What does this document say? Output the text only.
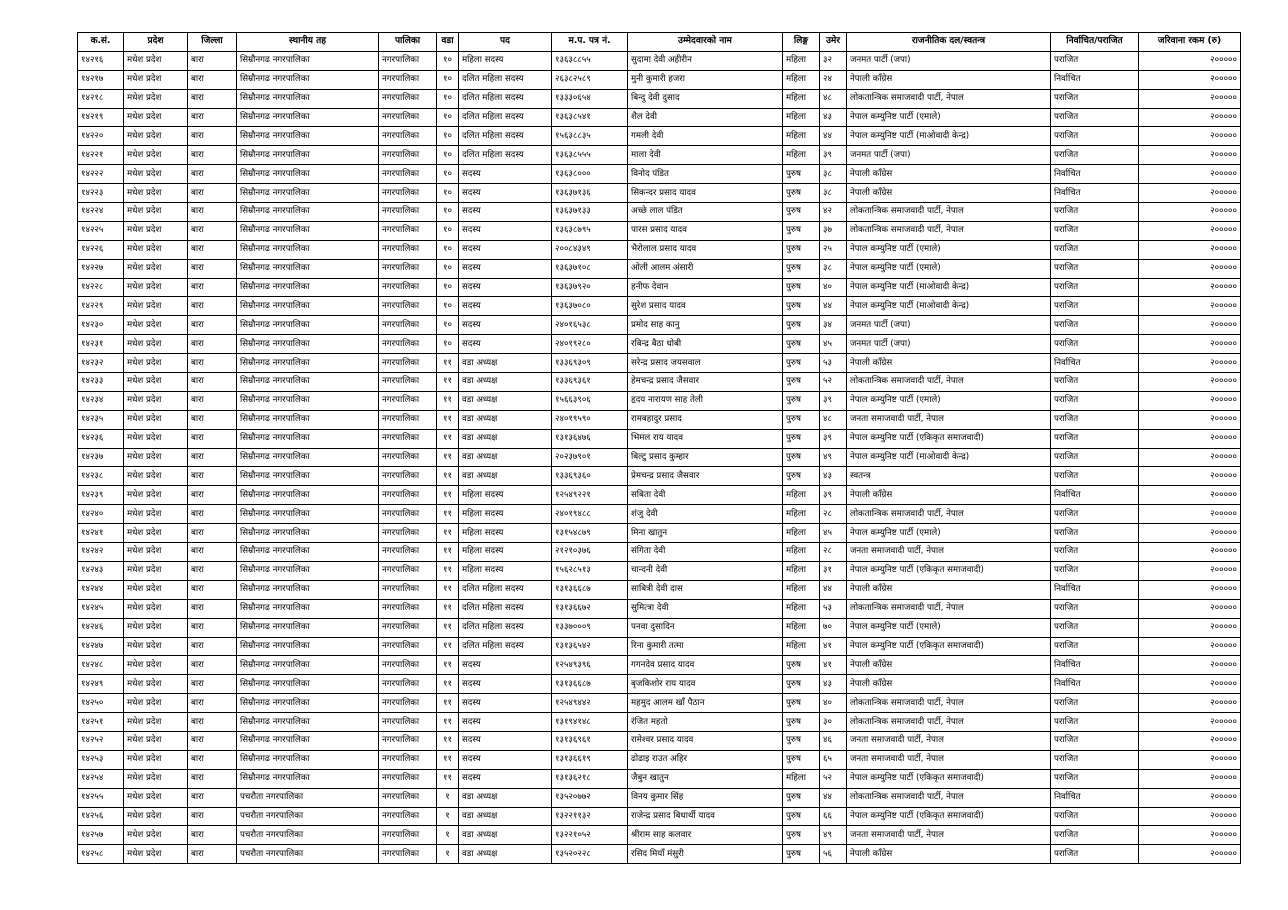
क.सं.	प्रदेश	जिल्ला	स्थानीय तह	पालिका	वडा	पद	म.प. पत्र नं.	उम्मेदवारको नाम	लिङ्ग	उमेर	राजनीतिक दल/स्वतन्त्र	निर्वाचित/पराजित	जरिवाना रकम (रु)
१४२१६	मधेश प्रदेश	बारा	सिम्रौनगढ नगरपालिका	नगरपालिका	१०	महिला सदस्य	१३६३८८५५	सुदामा देवी अहीरीन	महिला	३२	जनमत पार्टी (जपा)	पराजित	२०००००
१४२१७	मधेश प्रदेश	बारा	सिम्रौनगढ नगरपालिका	नगरपालिका	१०	दलित महिला सदस्य	२६३८२५८९	मुनी कुमारी हजरा	महिला	२४	नेपाली काँग्रेस	निर्वाचित	२०००००
१४२१८	मधेश प्रदेश	बारा	सिम्रौनगढ नगरपालिका	नगरपालिका	१०	दलित महिला सदस्य	१३३३०६५४	बिन्दु देवी दुसाद	महिला	४८	लोकतान्त्रिक समाजवादी पार्टी, नेपाल	पराजित	२०००००
१४२१९	मधेश प्रदेश	बारा	सिम्रौनगढ नगरपालिका	नगरपालिका	१०	दलित महिला सदस्य	१३६३८५४१	शैल देवी	महिला	४३	नेपाल कम्युनिष्ट पार्टी (एमाले)	पराजित	२०००००
१४२२०	मधेश प्रदेश	बारा	सिम्रौनगढ नगरपालिका	नगरपालिका	१०	दलित महिला सदस्य	१५६३८८३५	गमली देवी	महिला	४४	नेपाल कम्युनिष्ट पार्टी (माओवादी केन्द्र)	पराजित	२०००००
१४२२१	मधेश प्रदेश	बारा	सिम्रौनगढ नगरपालिका	नगरपालिका	१०	दलित महिला सदस्य	१३६३८५५५	माला देवी	महिला	३९	जनमत पार्टी (जपा)	पराजित	२०००००
१४२२२	मधेश प्रदेश	बारा	सिम्रौनगढ नगरपालिका	नगरपालिका	१०	सदस्य	१३६३८०००	विनोद पंडित	पुरुष	३८	नेपाली काँग्रेस	निर्वाचित	२०००००
१४२२३	मधेश प्रदेश	बारा	सिम्रौनगढ नगरपालिका	नगरपालिका	१०	सदस्य	१३६३७१३६	सिकन्दर प्रसाद यादव	पुरुष	३८	नेपाली काँग्रेस	निर्वाचित	२०००००
१४२२४	मधेश प्रदेश	बारा	सिम्रौनगढ नगरपालिका	नगरपालिका	१०	सदस्य	१३६३७१३३	अच्छे लाल पंडित	पुरुष	४२	लोकतान्त्रिक समाजवादी पार्टी, नेपाल	पराजित	२०००००
१४२२५	मधेश प्रदेश	बारा	सिम्रौनगढ नगरपालिका	नगरपालिका	१०	सदस्य	१३६३८७९५	पारस प्रसाद यादव	पुरुष	३७	लोकतान्त्रिक समाजवादी पार्टी, नेपाल	पराजित	२०००००
१४२२६	मधेश प्रदेश	बारा	सिम्रौनगढ नगरपालिका	नगरपालिका	१०	सदस्य	२००८४३४९	भैरोलाल प्रसाद यादव	पुरुष	२५	नेपाल कम्युनिष्ट पार्टी (एमाले)	पराजित	२०००००
१४२२७	मधेश प्रदेश	बारा	सिम्रौनगढ नगरपालिका	नगरपालिका	१०	सदस्य	१३६३७१०८	ओली आलम अंसारी	पुरुष	३८	नेपाल कम्युनिष्ट पार्टी (एमाले)	पराजित	२०००००
१४२२८	मधेश प्रदेश	बारा	सिम्रौनगढ नगरपालिका	नगरपालिका	१०	सदस्य	१३६३७९२०	हनीफ देवान	पुरुष	४०	नेपाल कम्युनिष्ट पार्टी (माओवादी केन्द्र)	पराजित	२०००००
१४२२९	मधेश प्रदेश	बारा	सिम्रौनगढ नगरपालिका	नगरपालिका	१०	सदस्य	१३६३७०८०	सुरेश प्रसाद यादव	पुरुष	४४	नेपाल कम्युनिष्ट पार्टी (माओवादी केन्द्र)	पराजित	२०००००
१४२३०	मधेश प्रदेश	बारा	सिम्रौनगढ नगरपालिका	नगरपालिका	१०	सदस्य	२४०१६५३८	प्रमोद साह कानु	पुरुष	३४	जनमत पार्टी (जपा)	पराजित	२०००००
१४२३१	मधेश प्रदेश	बारा	सिम्रौनगढ नगरपालिका	नगरपालिका	१०	सदस्य	२४०१९२८०	रबिन्द्र बैठा धोबी	पुरुष	४५	जनमत पार्टी (जपा)	पराजित	२०००००
१४२३२	मधेश प्रदेश	बारा	सिम्रौनगढ नगरपालिका	नगरपालिका	११	वडा अध्यक्ष	१३३६९३०९	सरेन्द्र प्रसाद जयसवाल	पुरुष	५३	नेपाली काँग्रेस	निर्वाचित	२०००००
१४२३३	मधेश प्रदेश	बारा	सिम्रौनगढ नगरपालिका	नगरपालिका	११	वडा अध्यक्ष	१३३६९३६१	हेमचन्द्र प्रसाद जैसवार	पुरुष	५२	लोकतान्त्रिक समाजवादी पार्टी, नेपाल	पराजित	२०००००
१४२३४	मधेश प्रदेश	बारा	सिम्रौनगढ नगरपालिका	नगरपालिका	११	वडा अध्यक्ष	१५६६३९०६	हृदय नारायण साह तेली	पुरुष	३९	नेपाल कम्युनिष्ट पार्टी (एमाले)	पराजित	२०००००
१४२३५	मधेश प्रदेश	बारा	सिम्रौनगढ नगरपालिका	नगरपालिका	११	वडा अध्यक्ष	२४०१९५९०	रामबहादुर प्रसाद	पुरुष	४८	जनता समाजवादी पार्टी, नेपाल	पराजित	२०००००
१४२३६	मधेश प्रदेश	बारा	सिम्रौनगढ नगरपालिका	नगरपालिका	११	वडा अध्यक्ष	१३१३६४७६	भिमल राय यादव	पुरुष	३९	नेपाल कम्युनिष्ट पार्टी (एकिकृत समाजवादी)	पराजित	२०००००
१४२३७	मधेश प्रदेश	बारा	सिम्रौनगढ नगरपालिका	नगरपालिका	११	वडा अध्यक्ष	२०२३७९०१	बिल्टु प्रसाद कुम्हार	पुरुष	४९	नेपाल कम्युनिष्ट पार्टी (माओवादी केन्द्र)	पराजित	२०००००
१४२३८	मधेश प्रदेश	बारा	सिम्रौनगढ नगरपालिका	नगरपालिका	११	वडा अध्यक्ष	१३३६९३६०	प्रेमचन्द्र प्रसाद जैसवार	पुरुष	४३	स्वतन्त्र	पराजित	२०००००
१४२३९	मधेश प्रदेश	बारा	सिम्रौनगढ नगरपालिका	नगरपालिका	११	महिला सदस्य	१२५४९२२१	सबिता देवी	महिला	३९	नेपाली काँग्रेस	निर्वाचित	२०००००
१४२४०	मधेश प्रदेश	बारा	सिम्रौनगढ नगरपालिका	नगरपालिका	११	महिला सदस्य	२४०१९४८८	शंजु देवी	महिला	२८	लोकतान्त्रिक समाजवादी पार्टी, नेपाल	पराजित	२०००००
१४२४१	मधेश प्रदेश	बारा	सिम्रौनगढ नगरपालिका	नगरपालिका	११	महिला सदस्य	१३१५४८७९	मिना खातुन	महिला	४५	नेपाल कम्युनिष्ट पार्टी (एमाले)	पराजित	२०००००
१४२४२	मधेश प्रदेश	बारा	सिम्रौनगढ नगरपालिका	नगरपालिका	११	महिला सदस्य	२१२१०३७६	संगिता देवी	महिला	२८	जनता समाजवादी पार्टी, नेपाल	पराजित	२०००००
१४२४३	मधेश प्रदेश	बारा	सिम्रौनगढ नगरपालिका	नगरपालिका	११	महिला सदस्य	१५६२८५१३	चान्दनी देवी	महिला	३१	नेपाल कम्युनिष्ट पार्टी (एकिकृत समाजवादी)	पराजित	२०००००
१४२४४	मधेश प्रदेश	बारा	सिम्रौनगढ नगरपालिका	नगरपालिका	११	दलित महिला सदस्य	१३१३६६८७	साबित्री देवी दास	महिला	४४	नेपाली काँग्रेस	निर्वाचित	२०००००
१४२४५	मधेश प्रदेश	बारा	सिम्रौनगढ नगरपालिका	नगरपालिका	११	दलित महिला सदस्य	१३१३६६७२	सुमित्त्रा देवी	महिला	५३	लोकतान्त्रिक समाजवादी पार्टी, नेपाल	पराजित	२०००००
१४२४६	मधेश प्रदेश	बारा	सिम्रौनगढ नगरपालिका	नगरपालिका	११	दलित महिला सदस्य	१३३७०००९	पनवा दुसादिन	महिला	७०	नेपाल कम्युनिष्ट पार्टी (एमाले)	पराजित	२०००००
१४२४७	मधेश प्रदेश	बारा	सिम्रौनगढ नगरपालिका	नगरपालिका	११	दलित महिला सदस्य	१३१३६५४२	रिना कुमारी तत्मा	महिला	४१	नेपाल कम्युनिष्ट पार्टी (एकिकृत समाजवादी)	पराजित	२०००००
१४२४८	मधेश प्रदेश	बारा	सिम्रौनगढ नगरपालिका	नगरपालिका	११	सदस्य	१२५४९३९६	गगनदेव प्रसाद यादव	पुरुष	४१	नेपाली काँग्रेस	निर्वाचित	२०००००
१४२४९	मधेश प्रदेश	बारा	सिम्रौनगढ नगरपालिका	नगरपालिका	११	सदस्य	१३१३६६८७	बृजकिशोर राय यादव	पुरुष	४३	नेपाली काँग्रेस	निर्वाचित	२०००००
१४२५०	मधेश प्रदेश	बारा	सिम्रौनगढ नगरपालिका	नगरपालिका	११	सदस्य	१२५४९४४२	महमुद आलम खाँ पैठान	पुरुष	४०	लोकतान्त्रिक समाजवादी पार्टी, नेपाल	पराजित	२०००००
१४२५१	मधेश प्रदेश	बारा	सिम्रौनगढ नगरपालिका	नगरपालिका	११	सदस्य	१३१९४१४८	रंजित महतो	पुरुष	३०	लोकतान्त्रिक समाजवादी पार्टी, नेपाल	पराजित	२०००००
१४२५२	मधेश प्रदेश	बारा	सिम्रौनगढ नगरपालिका	नगरपालिका	११	सदस्य	१३१३६९६१	रामेश्वर प्रसाद यादव	पुरुष	४६	जनता समाजवादी पार्टी, नेपाल	पराजित	२०००००
१४२५३	मधेश प्रदेश	बारा	सिम्रौनगढ नगरपालिका	नगरपालिका	११	सदस्य	१३१३६६१९	ढोढाइ राउत अहिर	पुरुष	६५	जनता समाजवादी पार्टी, नेपाल	पराजित	२०००००
१४२५४	मधेश प्रदेश	बारा	सिम्रौनगढ नगरपालिका	नगरपालिका	११	सदस्य	१३१३६२१८	जैबुन खातुन	महिला	५२	नेपाल कम्युनिष्ट पार्टी (एकिकृत समाजवादी)	पराजित	२०००००
१४२५५	मधेश प्रदेश	बारा	पचरौता नगरपालिका	नगरपालिका	१	वडा अध्यक्ष	१३५२०७७२	विनय कुमार सिंह	पुरुष	४४	लोकतान्त्रिक समाजवादी पार्टी, नेपाल	निर्वाचित	२०००००
१४२५६	मधेश प्रदेश	बारा	पचरौता नगरपालिका	नगरपालिका	१	वडा अध्यक्ष	१३२२११३२	राजेन्द्र प्रसाद बिधार्थी यादव	पुरुष	६६	नेपाल कम्युनिष्ट पार्टी (एकिकृत समाजवादी)	पराजित	२०००००
१४२५७	मधेश प्रदेश	बारा	पचरौता नगरपालिका	नगरपालिका	१	वडा अध्यक्ष	१३२२१०५२	श्रीराम साह कलवार	पुरुष	४९	जनता समाजवादी पार्टी, नेपाल	पराजित	२०००००
१४२५८	मधेश प्रदेश	बारा	पचरौता नगरपालिका	नगरपालिका	१	वडा अध्यक्ष	१३५२०२२८	रसिद मियाँ मंसुरी	पुरुष	५६	नेपाली काँग्रेस	पराजित	२०००००
